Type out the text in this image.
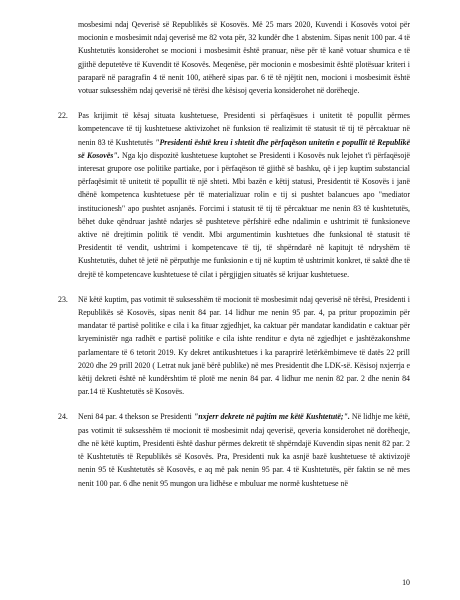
mosbesimi ndaj Qeverisë së Republikës së Kosovës. Më 25 mars 2020, Kuvendi i Kosovës votoi për mocionin e mosbesimit ndaj qeverisë me 82 vota për, 32 kundër dhe 1 abstenim. Sipas nenit 100 par. 4 të Kushtetutës konsiderohet se mocioni i mosbesimit është pranuar, nëse për të kanë votuar shumica e të gjithë deputetëve të Kuvendit të Kosovës. Meqenëse, për mocionin e mosbesimit është plotësuar kriteri i paraparë në paragrafin 4 të nenit 100, atëherë sipas par. 6 të të njëjtit nen, mocioni i mosbesimit është votuar suksesshëm ndaj qeverisë në tërësi dhe kësisoj qeveria konsiderohet në dorëheqje.

22. Pas krijimit të kësaj situata kushtetuese, Presidenti si përfaqësues i unitetit të popullit përmes kompetencave të tij kushtetuese aktivizohet në funksion të realizimit të statusit të tij të përcaktuar në nenin 83 të Kushtetutës "Presidenti është kreu i shtetit dhe përfaqëson unitetin e popullit të Republikë së Kosovës". Nga kjo dispozitë kushtetuese kuptohet se Presidenti i Kosovës nuk lejohet t'i përfaqësojë interesat grupore ose politike partiake, por i përfaqëson të gjithë së bashku, që i jep kuptim substancial përfaqësimit të unitetit të popullit të një shteti. Mbi bazën e këtij statusi, Presidentit të Kosovës i janë dhënë kompetenca kushtetuese për të materializuar rolin e tij si pushtet balancues apo "mediator institucionesh" apo pushtet asnjanës. Forcimi i statusit të tij të përcaktuar me nenin 83 të kushtetutës, bëhet duke qëndruar jashtë ndarjes së pushteteve përfshirë edhe ndalimin e ushtrimit të funksioneve aktive në drejtimin politik të vendit. Mbi argumentimin kushtetues dhe funksional të statusit të Presidentit të vendit, ushtrimi i kompetencave të tij, të shpërndarë në kapitujt të ndryshëm të Kushtetutës, duhet të jetë në përputhje me funksionin e tij në kuptim të ushtrimit konkret, të saktë dhe të drejtë të kompetencave kushtetuese të cilat i përgjigjen situatës së krijuar kushtetuese.

23. Në këtë kuptim, pas votimit të suksesshëm të mocionit të mosbesimit ndaj qeverisë në tërësi, Presidenti i Republikës së Kosovës, sipas nenit 84 par. 14 lidhur me nenin 95 par. 4, pa pritur propozimin për mandatar të partisë politike e cila i ka fituar zgjedhjet, ka caktuar për mandatar kandidatin e caktuar për kryeministër nga radhët e partisë politike e cila ishte renditur e dyta në zgjedhjet e jashtëzakonshme parlamentare të 6 tetorit 2019. Ky dekret antikushtetues i ka paraprirë letërkëmbimeve të datës 22 prill 2020 dhe 29 prill 2020 ( Letrat nuk janë bërë publike) në mes Presidentit dhe LDK-së. Kësisoj nxjerrja e këtij dekreti është në kundërshtim të plotë me nenin 84 par. 4 lidhur me nenin 82 par. 2 dhe nenin 84 par.14 të Kushtetutës së Kosovës.

24. Neni 84 par. 4 thekson se Presidenti "nxjerr dekrete në pajtim me këtë Kushtetutë;". Në lidhje me këtë, pas votimit të suksesshëm të mocionit të mosbesimit ndaj qeverisë, qeveria konsiderohet në dorëheqje, dhe në këtë kuptim, Presidenti është dashur përmes dekretit të shpërndajë Kuvendin sipas nenit 82 par. 2 të Kushtetutës të Republikës së Kosovës. Pra, Presidenti nuk ka asnjë bazë kushtetuese të aktivizojë nenin 95 të Kushtetutës së Kosovës, e aq më pak nenin 95 par. 4 të Kushtetutës, për faktin se në mes nenit 100 par. 6 dhe nenit 95 mungon ura lidhëse e mbuluar me normë kushtetuese në

10
